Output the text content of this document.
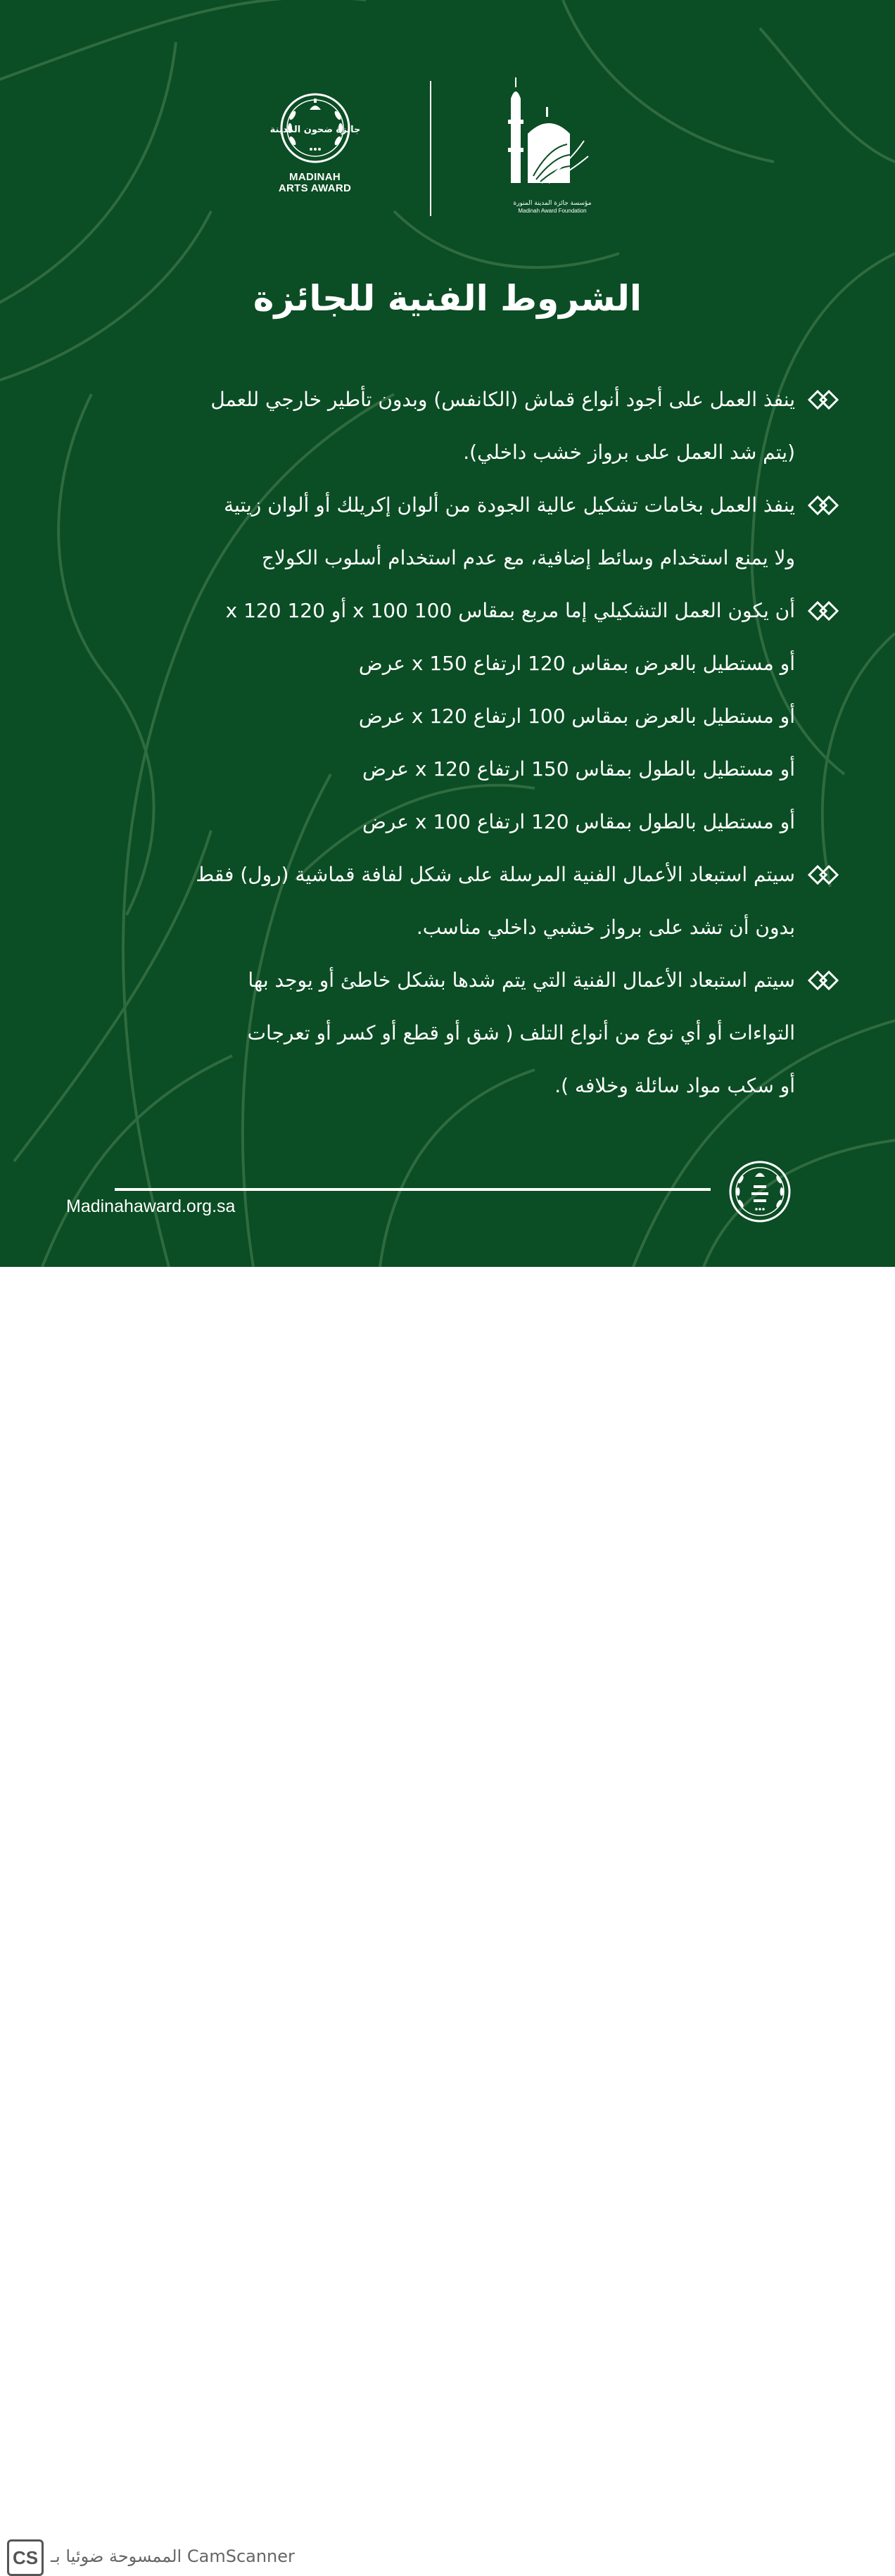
جائزة ضحون المدينة
MADINAH
ARTS AWARD
مؤسسة جائزة المدينة المنورة
Madinah Award Foundation
الشروط الفنية للجائزة
ينفذ العمل على أجود أنواع قماش (الكانفس) وبدون تأطير خارجي للعمل
(يتم شد العمل على برواز خشب داخلي).
ينفذ العمل بخامات تشكيل عالية الجودة من ألوان إكريلك أو ألوان زيتية
ولا يمنع استخدام وسائط إضافية، مع عدم استخدام أسلوب الكولاج
أن يكون العمل التشكيلي إما مربع بمقاس 100 x 100 أو 120 x 120
أو مستطيل بالعرض بمقاس 120 ارتفاع x 150 عرض
أو مستطيل بالعرض بمقاس 100 ارتفاع x 120 عرض
أو مستطيل بالطول بمقاس 150 ارتفاع x 120 عرض
أو مستطيل بالطول بمقاس 120 ارتفاع x 100 عرض
سيتم استبعاد الأعمال الفنية المرسلة على شكل لفافة قماشية (رول) فقط
بدون أن تشد على برواز خشبي داخلي مناسب.
سيتم استبعاد الأعمال الفنية التي يتم شدها بشكل خاطئ أو يوجد بها
التواءات أو أي نوع من أنواع التلف ( شق أو قطع أو كسر أو تعرجات
أو سكب مواد سائلة وخلافه ).
Madinahaward.org.sa
CS الممسوحة ضوئيا بـ CamScanner
